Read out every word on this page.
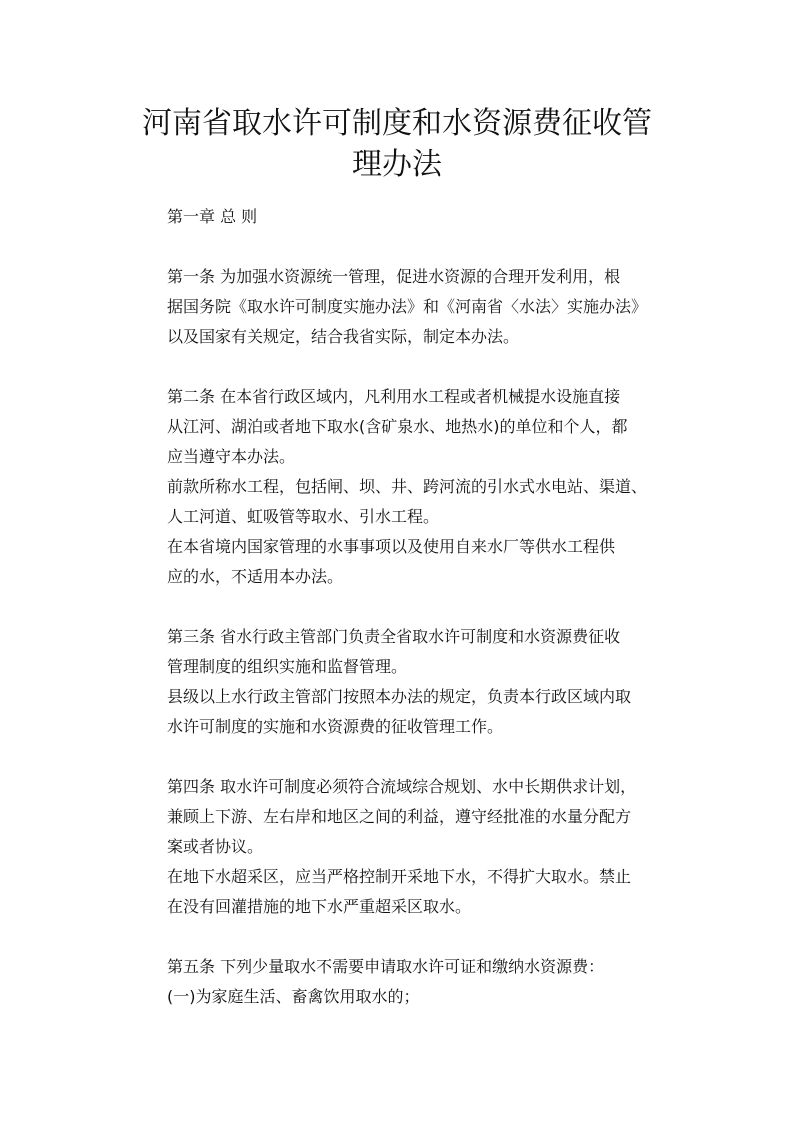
河南省取水许可制度和水资源费征收管
理办法

第一章 总 则

第一条 为加强水资源统一管理，促进水资源的合理开发利用，根

据国务院《取水许可制度实施办法》和《河南省〈水法〉实施办法》

以及国家有关规定，结合我省实际，制定本办法。

第二条 在本省行政区域内，凡利用水工程或者机械提水设施直接

从江河、湖泊或者地下取水(含矿泉水、地热水)的单位和个人，都

应当遵守本办法。

前款所称水工程，包括闸、坝、井、跨河流的引水式水电站、渠道、

人工河道、虹吸管等取水、引水工程。

在本省境内国家管理的水事事项以及使用自来水厂等供水工程供

应的水，不适用本办法。

第三条 省水行政主管部门负责全省取水许可制度和水资源费征收

管理制度的组织实施和监督管理。

县级以上水行政主管部门按照本办法的规定，负责本行政区域内取

水许可制度的实施和水资源费的征收管理工作。

第四条 取水许可制度必须符合流域综合规划、水中长期供求计划，

兼顾上下游、左右岸和地区之间的利益，遵守经批准的水量分配方

案或者协议。

在地下水超采区，应当严格控制开采地下水，不得扩大取水。禁止

在没有回灌措施的地下水严重超采区取水。

第五条 下列少量取水不需要申请取水许可证和缴纳水资源费：

(一)为家庭生活、畜禽饮用取水的；
